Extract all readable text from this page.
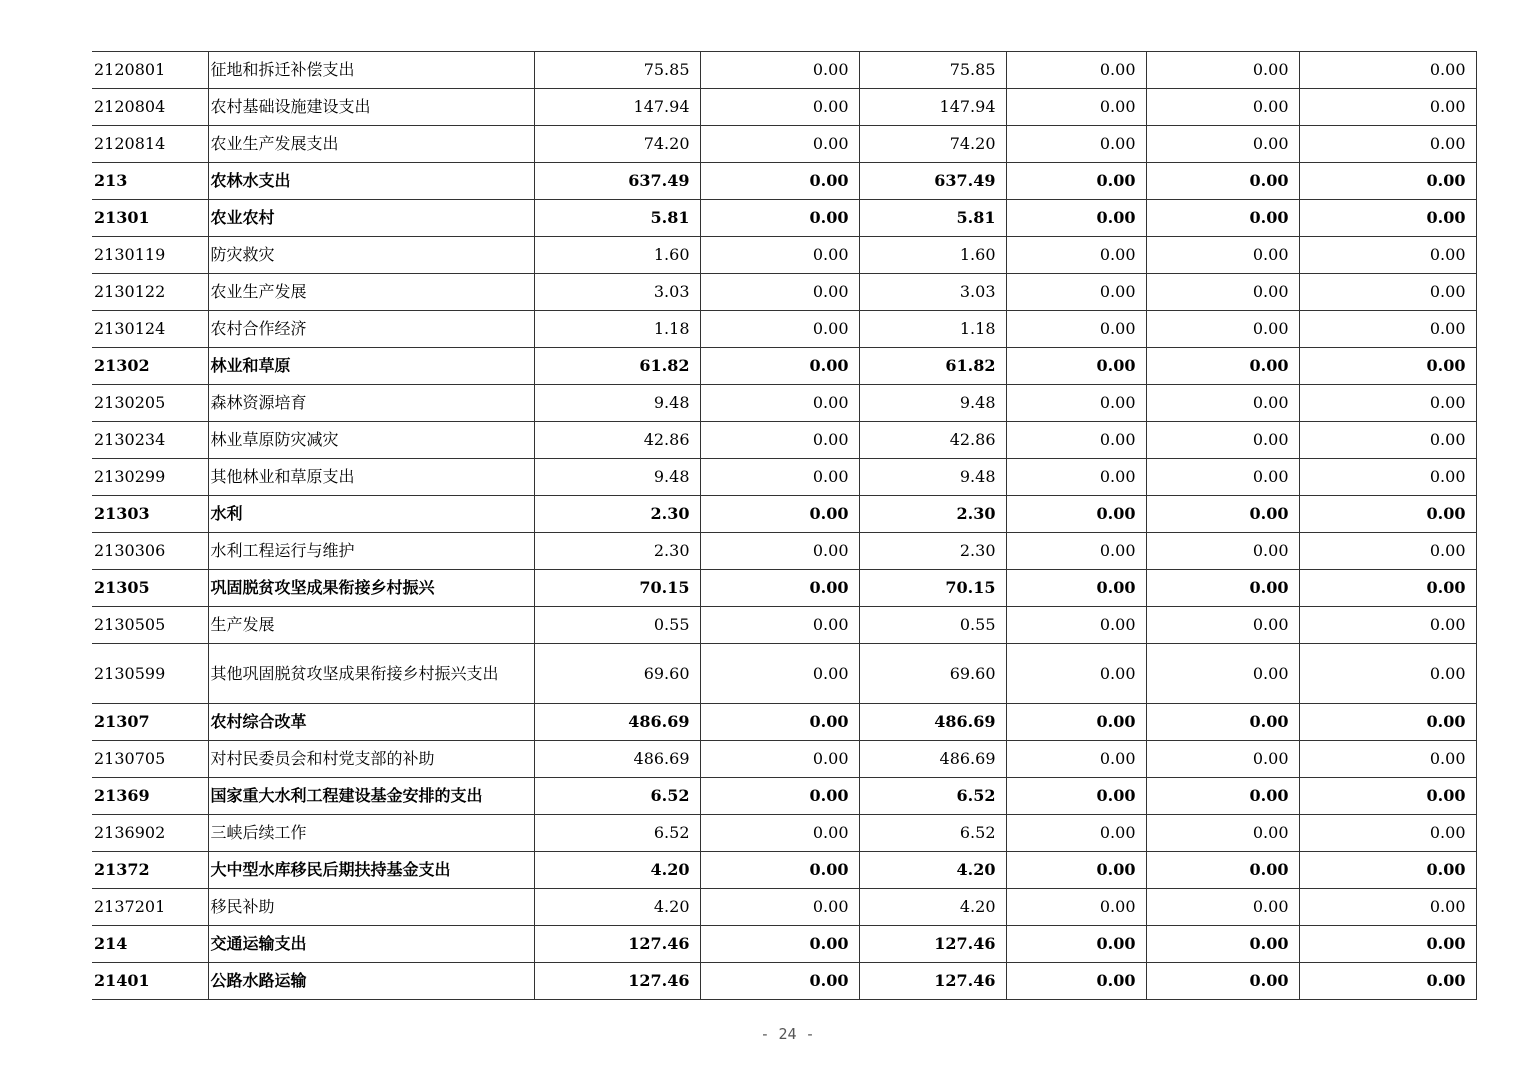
2120801	征地和拆迁补偿支出	75.85	0.00	75.85	0.00	0.00	0.00
2120804	农村基础设施建设支出	147.94	0.00	147.94	0.00	0.00	0.00
2120814	农业生产发展支出	74.20	0.00	74.20	0.00	0.00	0.00
213	农林水支出	637.49	0.00	637.49	0.00	0.00	0.00
21301	农业农村	5.81	0.00	5.81	0.00	0.00	0.00
2130119	防灾救灾	1.60	0.00	1.60	0.00	0.00	0.00
2130122	农业生产发展	3.03	0.00	3.03	0.00	0.00	0.00
2130124	农村合作经济	1.18	0.00	1.18	0.00	0.00	0.00
21302	林业和草原	61.82	0.00	61.82	0.00	0.00	0.00
2130205	森林资源培育	9.48	0.00	9.48	0.00	0.00	0.00
2130234	林业草原防灾减灾	42.86	0.00	42.86	0.00	0.00	0.00
2130299	其他林业和草原支出	9.48	0.00	9.48	0.00	0.00	0.00
21303	水利	2.30	0.00	2.30	0.00	0.00	0.00
2130306	水利工程运行与维护	2.30	0.00	2.30	0.00	0.00	0.00
21305	巩固脱贫攻坚成果衔接乡村振兴	70.15	0.00	70.15	0.00	0.00	0.00
2130505	生产发展	0.55	0.00	0.55	0.00	0.00	0.00
2130599	其他巩固脱贫攻坚成果衔接乡村振兴支出	69.60	0.00	69.60	0.00	0.00	0.00
21307	农村综合改革	486.69	0.00	486.69	0.00	0.00	0.00
2130705	对村民委员会和村党支部的补助	486.69	0.00	486.69	0.00	0.00	0.00
21369	国家重大水利工程建设基金安排的支出	6.52	0.00	6.52	0.00	0.00	0.00
2136902	三峡后续工作	6.52	0.00	6.52	0.00	0.00	0.00
21372	大中型水库移民后期扶持基金支出	4.20	0.00	4.20	0.00	0.00	0.00
2137201	移民补助	4.20	0.00	4.20	0.00	0.00	0.00
214	交通运输支出	127.46	0.00	127.46	0.00	0.00	0.00
21401	公路水路运输	127.46	0.00	127.46	0.00	0.00	0.00
- 24 -
